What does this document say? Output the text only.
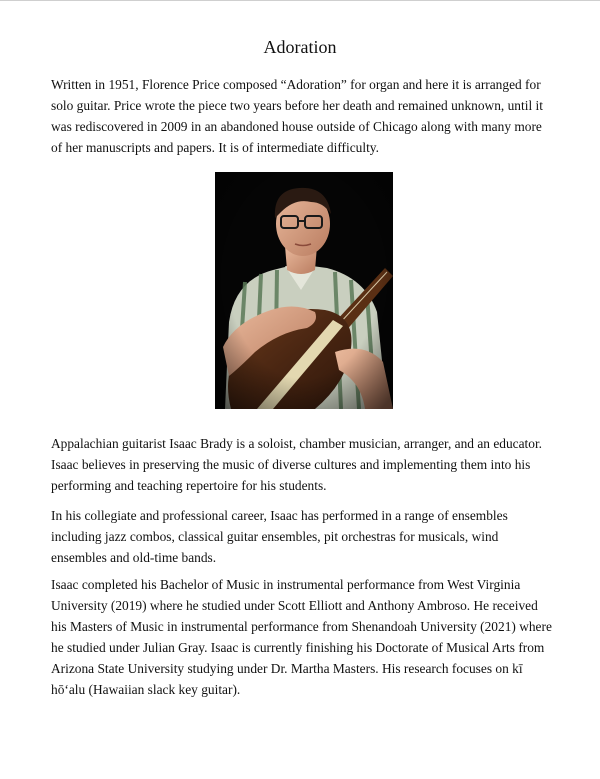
Adoration

Written in 1951, Florence Price composed “Adoration” for organ and here it is arranged for solo guitar. Price wrote the piece two years before her death and remained unknown, until it was rediscovered in 2009 in an abandoned house outside of Chicago along with many more of her manuscripts and papers. It is of intermediate difficulty.

Appalachian guitarist Isaac Brady is a soloist, chamber musician, arranger, and an educator. Isaac believes in preserving the music of diverse cultures and implementing them into his performing and teaching repertoire for his students.

In his collegiate and professional career, Isaac has performed in a range of ensembles including jazz combos, classical guitar ensembles, pit orchestras for musicals, wind ensembles and old-time bands.

Isaac completed his Bachelor of Music in instrumental performance from West Virginia University (2019) where he studied under Scott Elliott and Anthony Ambroso. He received his Masters of Music in instrumental performance from Shenandoah University (2021) where he studied under Julian Gray. Isaac is currently finishing his Doctorate of Musical Arts from Arizona State University studying under Dr. Martha Masters. His research focuses on kī hōʻalu (Hawaiian slack key guitar).
